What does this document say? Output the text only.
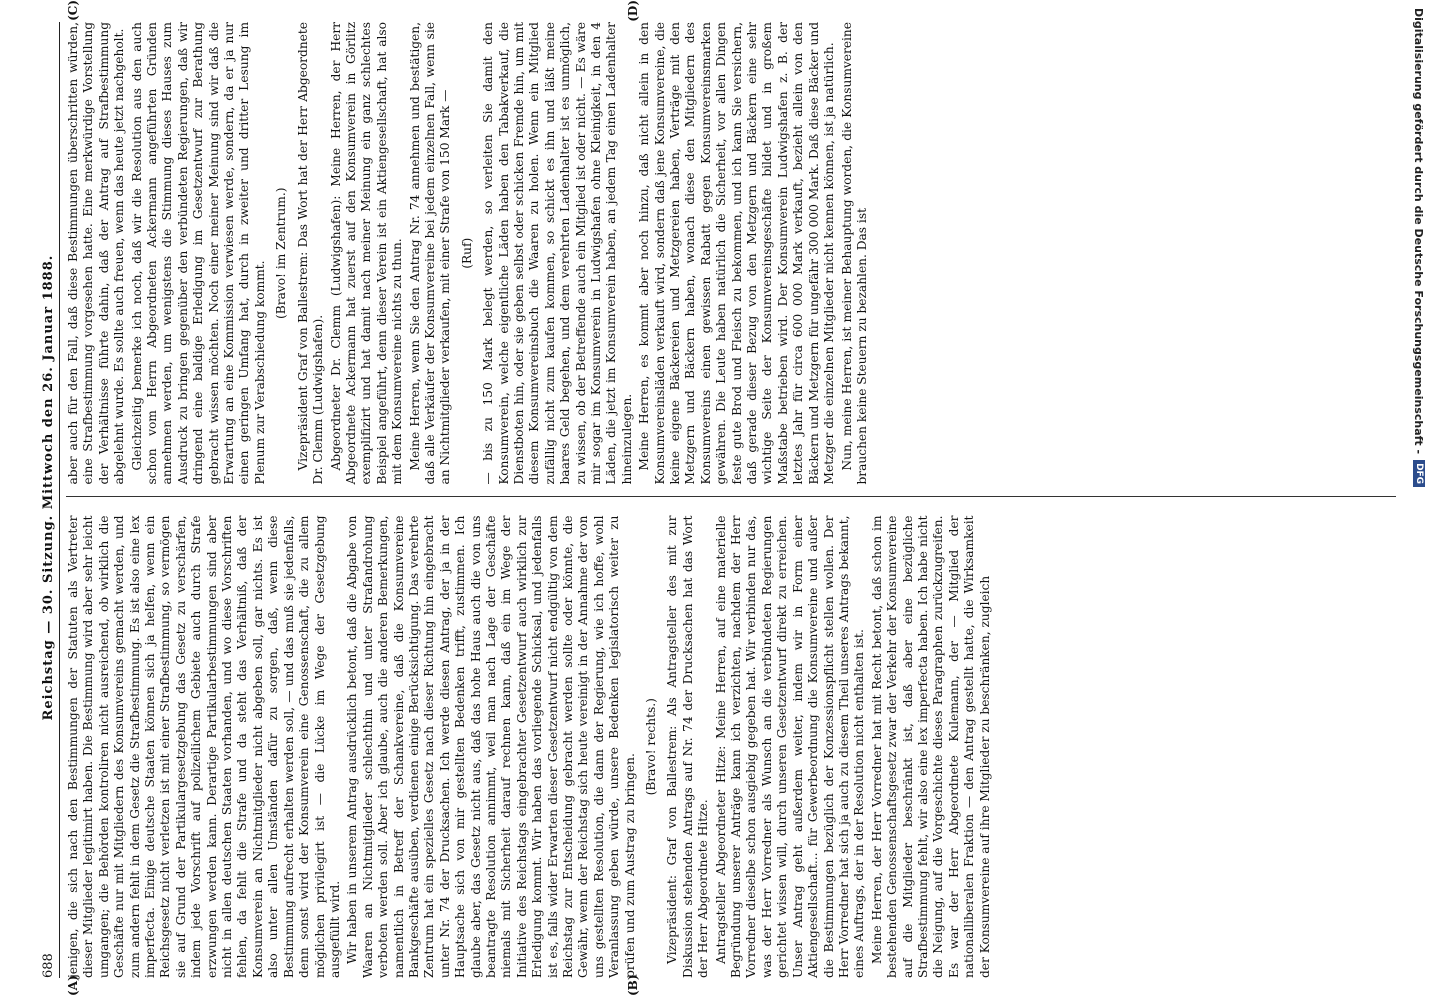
688
Reichstag — 30. Sitzung. Mittwoch den 26. Januar 1888.
(A)

jenigen, die sich nach den Bestimmungen der Statuten als Vertreter dieser Mitglieder legitimirt haben. Die Bestimmung wird aber sehr leicht umgangen; die Behörden kontroliren nicht ausreichend, ob wirklich die Geschäfte nur mit Mitgliedern des Konsumvereins gemacht werden, und zum andern fehlt in dem Gesetz die Strafbestimmung. Es ist also eine lex imperfecta. Einige deutsche Staaten können sich ja helfen, wenn ein Reichsgesetz nicht verletzen ist mit einer Strafbestimmung, so vermögen sie auf Grund der Partikulargesetzgebung das Gesetz zu verschärfen, indem jede Vorschrift auf polizeilichem Gebiete auch durch Strafe erzwungen werden kann. Derartige Partikularbestimmungen sind aber nicht in allen deutschen Staaten vorhanden, und wo diese Vorschriften fehlen, da fehlt die Strafe und da steht das Verhältniß, daß der Konsumverein an Nichtmitglieder nicht abgeben soll, gar nichts. Es ist also unter allen Umständen dafür zu sorgen, daß, wenn diese Bestimmung aufrecht erhalten werden soll, — und das muß sie jedenfalls, denn sonst wird der Konsumverein eine Genossenschaft, die zu allem möglichen privilegirt ist — die Lücke im Wege der Gesetzgebung ausgefüllt wird. Wir haben in unserem Antrag ausdrücklich betont, daß die Abgabe von Waaren an Nichtmitglieder schlechthin und unter Strafandrohung verboten werden soll. Aber ich glaube, auch die anderen Bemerkungen, namentlich in Betreff der Schankvereine, daß die Konsumvereine Bankgeschäfte ausüben, verdienen einige Berücksichtigung. Das verehrte Zentrum hat ein spezielles Gesetz nach dieser Richtung hin eingebracht unter Nr. 74 der Drucksachen. Ich werde diesen Antrag, der ja in der Hauptsache sich von mir gestellten Bedenken trifft, zustimmen. Ich glaube aber, das Gesetz nicht aus, daß das hohe Haus auch die von uns beantragte Resolution annimmt, weil man nach Lage der Geschäfte niemals mit Sicherheit darauf rechnen kann, daß ein im Wege der Initiative des Reichstags eingebrachter Gesetzentwurf auch wirklich zur Erledigung kommt. Wir haben das vorliegende Schicksal, und jedenfalls ist es, falls wider Erwarten dieser Gesetzentwurf nicht endgültig von dem Reichstag zur Entscheidung gebracht werden sollte oder könnte, die Gewähr, wenn der Reichstag sich heute vereinigt in der Annahme der von uns gestellten Resolution, die dann der Regierung, wie ich hoffe, wohl Veranlassung geben würde, unsere Bedenken legislatorisch weiter zu prüfen und zum Austrag zu bringen.

(Bravo! rechts.) Vizepräsident: Graf von Ballestrem: Als Antragsteller des mit zur Diskussion stehenden Antrags auf Nr. 74 der Drucksachen hat das Wort der Herr Abgeordnete Hitze.

(B)

Antragsteller Abgeordneter Hitze: Meine Herren, auf eine materielle Begründung unserer Anträge kann ich verzichten, nachdem der Herr Vorredner dieselbe schon ausgiebig gegeben hat. Wir verbinden nur das, was der Herr Vorredner als Wunsch an die verbündeten Regierungen gerichtet wissen will, durch unseren Gesetzentwurf direkt zu erreichen. Unser Antrag geht außerdem weiter, indem wir in Form einer Aktiengesellschaft... für Gewerbeordnung die Konsumvereine und außer die Bestimmungen bezüglich der Konzessionspflicht stellen wollen. Der Herr Vorredner hat sich ja auch zu diesem Theil unseres Antrags bekannt, eines Auftrags, der in der Resolution nicht enthalten ist. Meine Herren, der Herr Vorredner hat mit Recht betont, daß schon im bestehenden Genossenschaftsgesetz zwar der Verkehr der Konsumvereine auf die Mitglieder beschränkt ist, daß aber eine bezügliche Strafbestimmung fehlt, wir also eine lex imperfecta haben. Ich habe nicht die Neigung, auf die Vorgeschichte dieses Paragraphen zurückzugreifen. Es war der Herr Abgeordnete Kulemann, der — Mitglied der nationalliberalen Fraktion — den Antrag gestellt hatte, die Wirksamkeit der Konsumvereine auf ihre Mitglieder zu beschränken, zugleich

(C)

aber auch für den Fall, daß diese Bestimmungen überschritten würden, eine Strafbestimmung vorgesehen hatte. Eine merkwürdige Vorstellung der Verhältnisse führte dahin, daß der Antrag auf Strafbestimmung abgelehnt wurde. Es sollte auch freuen, wenn das heute jetzt nachgeholt. Gleichzeitig bemerke ich noch, daß wir die Resolution aus den auch schon vom Herrn Abgeordneten Ackermann angeführten Gründen annehmen werden, um wenigstens die Stimmung dieses Hauses zum Ausdruck zu bringen gegenüber den verbündeten Regierungen, daß wir dringend eine baldige Erledigung im Gesetzentwurf zur Berathung gebracht wissen möchten. Noch einer meiner Meinung sind wir daß die Erwartung an eine Kommission verwiesen werde, sondern, da er ja nur einen geringen Umfang hat, durch in zweiter und dritter Lesung im Plenum zur Verabschiedung kommt.

(Bravo! im Zentrum.) Vizepräsident Graf von Ballestrem: Das Wort hat der Herr Abgeordnete Dr. Clemm (Ludwigshafen). Abgeordneter Dr. Clemm (Ludwigshafen): Meine Herren, der Herr Abgeordnete Ackermann hat zuerst auf den Konsumverein in Görlitz exemplifizirt und hat damit nach meiner Meinung ein ganz schlechtes Beispiel angeführt, denn dieser Verein ist ein Aktiengesellschaft, hat also mit dem Konsumvereine nichts zu thun. Meine Herren, wenn Sie den Antrag Nr. 74 annehmen und bestätigen, daß alle Verkäufer der Konsumvereine bei jedem einzelnen Fall, wenn sie an Nichtmitglieder verkaufen, mit einer Strafe von 150 Mark — (Ruf)

(D)

— bis zu 150 Mark belegt werden, so verleiten Sie damit den Konsumverein, welche eigentliche Läden haben den Tabakverkauf, die Dienstboten hin, oder sie geben selbst oder schicken Fremde hin, um mit diesem Konsumvereinsbuch die Waaren zu holen. Wenn ein Mitglied zufällig nicht zum kaufen kommen, so schickt es ihn und läßt meine baares Geld begehen, und dem verehrten Ladenhalter ist es unmöglich, zu wissen, ob der Betreffende auch ein Mitglied ist oder nicht. — Es wäre mir sogar im Konsumverein in Ludwigshafen ohne Kleinigkeit, in den 4 Läden, die jetzt im Konsumverein haben, an jedem Tag einen Ladenhalter hineinzulegen. Meine Herren, es kommt aber noch hinzu, daß nicht allein in den Konsumvereinsläden verkauft wird, sondern daß jene Konsumvereine, die keine eigene Bäckereien und Metzgereien haben, Verträge mit den Metzgern und Bäckern haben, wonach diese den Mitgliedern des Konsumvereins einen gewissen Rabatt gegen Konsumvereinsmarken gewähren. Die Leute haben natürlich die Sicherheit, vor allen Dingen feste gute Brod und Fleisch zu bekommen, und ich kann Sie versichern, daß gerade dieser Bezug von den Metzgern und Bäckern eine sehr wichtige Seite der Konsumvereinsgeschäfte bildet und in großem Maßstabe betrieben wird. Der Konsumverein Ludwigshafen z. B. der letztes Jahr für circa 600 000 Mark verkauft, bezieht allein von den Bäckern und Metzgern für ungefähr 300 000 Mark. Daß diese Bäcker und Metzger die einzelnen Mitglieder nicht kennen können, ist ja natürlich. Nun, meine Herren, ist meiner Behauptung worden, die Konsumvereine brauchen keine Steuern zu bezahlen. Das ist	Digitalisierung gefördert durch die Deutsche Forschungsgemeinschaft -
DFG
